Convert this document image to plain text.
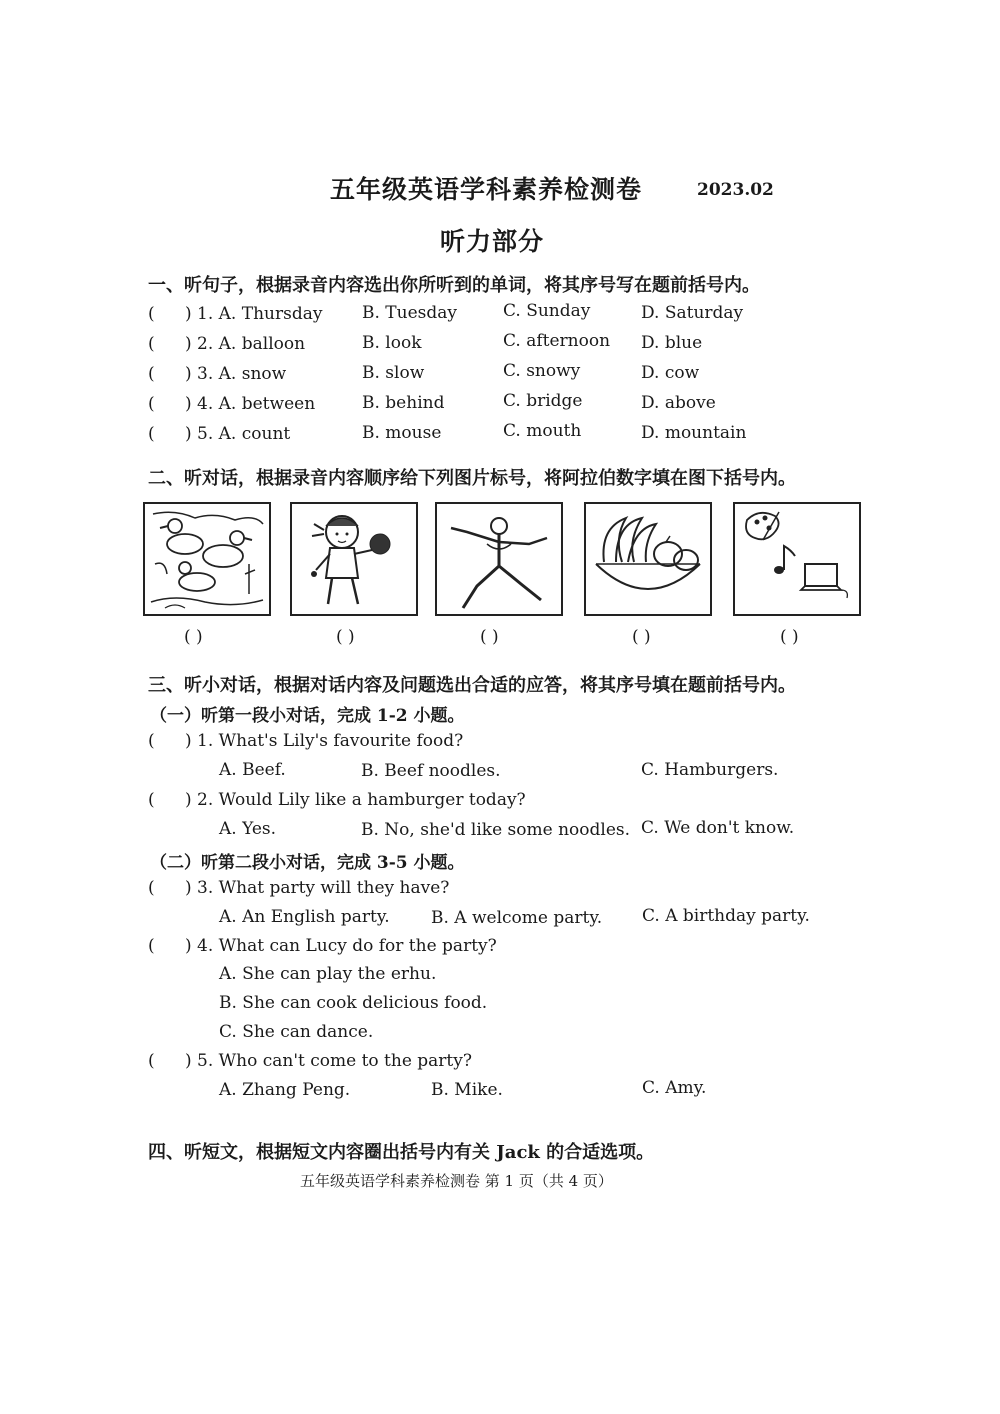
五年级英语学科素养检测卷	2023.02
听力部分
一、听句子，根据录音内容选出你所听到的单词，将其序号写在题前括号内。
( ) 1. A. Thursday B. Tuesday	C. Sunday	D. Saturday
( ) 2. A. balloon	B. look	C. afternoon D. blue
( ) 3. A. snow	B. slow	C. snowy	D. cow
( ) 4. A. between	B. behind	C. bridge	D. above
( ) 5. A. count	B. mouse	C. mouth	D. mountain
二、听对话，根据录音内容顺序给下列图片标号，将阿拉伯数字填在图下括号内。
( )	( )	( )	( )	( )
三、听小对话，根据对话内容及问题选出合适的应答，将其序号填在题前括号内。
（一）听第一段小对话，完成 1-2 小题。
( ) 1. What's Lily's favourite food?
A. Beef.	B. Beef noodles.	C. Hamburgers.
( ) 2. Would Lily like a hamburger today?
A. Yes.	B. No, she'd like some noodles. C. We don't know.
（二）听第二段小对话，完成 3-5 小题。
( ) 3. What party will they have?
A. An English party. B. A welcome party. C. A birthday party.
( ) 4. What can Lucy do for the party?
A. She can play the erhu.
B. She can cook delicious food.
C. She can dance.
( ) 5. Who can't come to the party?
A. Zhang Peng.	B. Mike.	C. Amy.
四、听短文，根据短文内容圈出括号内有关 Jack 的合适选项。
五年级英语学科素养检测卷 第 1 页（共 4 页）
